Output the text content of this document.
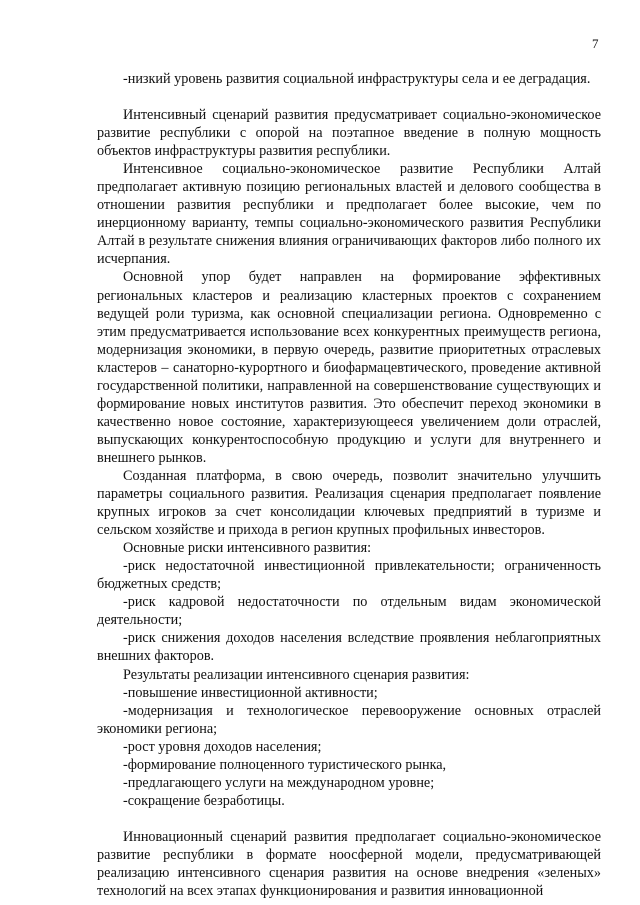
7

-низкий уровень развития социальной инфраструктуры села и ее деградация.

Интенсивный сценарий развития предусматривает социально-экономическое развитие республики с опорой на поэтапное введение в полную мощность объектов инфраструктуры развития республики.

Интенсивное социально-экономическое развитие Республики Алтай предполагает активную позицию региональных властей и делового сообщества в отношении развития республики и предполагает более высокие, чем по инерционному варианту, темпы социально-экономического развития Республики Алтай в результате снижения влияния ограничивающих факторов либо полного их исчерпания.

Основной упор будет направлен на формирование эффективных региональных кластеров и реализацию кластерных проектов с сохранением ведущей роли туризма, как основной специализации региона. Одновременно с этим предусматривается использование всех конкурентных преимуществ региона, модернизация экономики, в первую очередь, развитие приоритетных отраслевых кластеров – санаторно-курортного и биофармацевтического, проведение активной государственной политики, направленной на совершенствование существующих и формирование новых институтов развития. Это обеспечит переход экономики в качественно новое состояние, характеризующееся увеличением доли отраслей, выпускающих конкурентоспособную продукцию и услуги для внутреннего и внешнего рынков.

Созданная платформа, в свою очередь, позволит значительно улучшить параметры социального развития. Реализация сценария предполагает появление крупных игроков за счет консолидации ключевых предприятий в туризме и сельском хозяйстве и прихода в регион крупных профильных инвесторов.

Основные риски интенсивного развития:

-риск недостаточной инвестиционной привлекательности; ограниченность бюджетных средств;

-риск кадровой недостаточности по отдельным видам экономической деятельности;

-риск снижения доходов населения вследствие проявления неблагоприятных внешних факторов.

Результаты реализации интенсивного сценария развития:

-повышение инвестиционной активности;

-модернизация и технологическое перевооружение основных отраслей экономики региона;

-рост уровня доходов населения;

-формирование полноценного туристического рынка,

-предлагающего услуги на международном уровне;

-сокращение безработицы.

Инновационный сценарий развития предполагает социально-экономическое развитие республики в формате ноосферной модели, предусматривающей реализацию интенсивного сценария развития на основе внедрения «зеленых» технологий на всех этапах функционирования и развития инновационной
